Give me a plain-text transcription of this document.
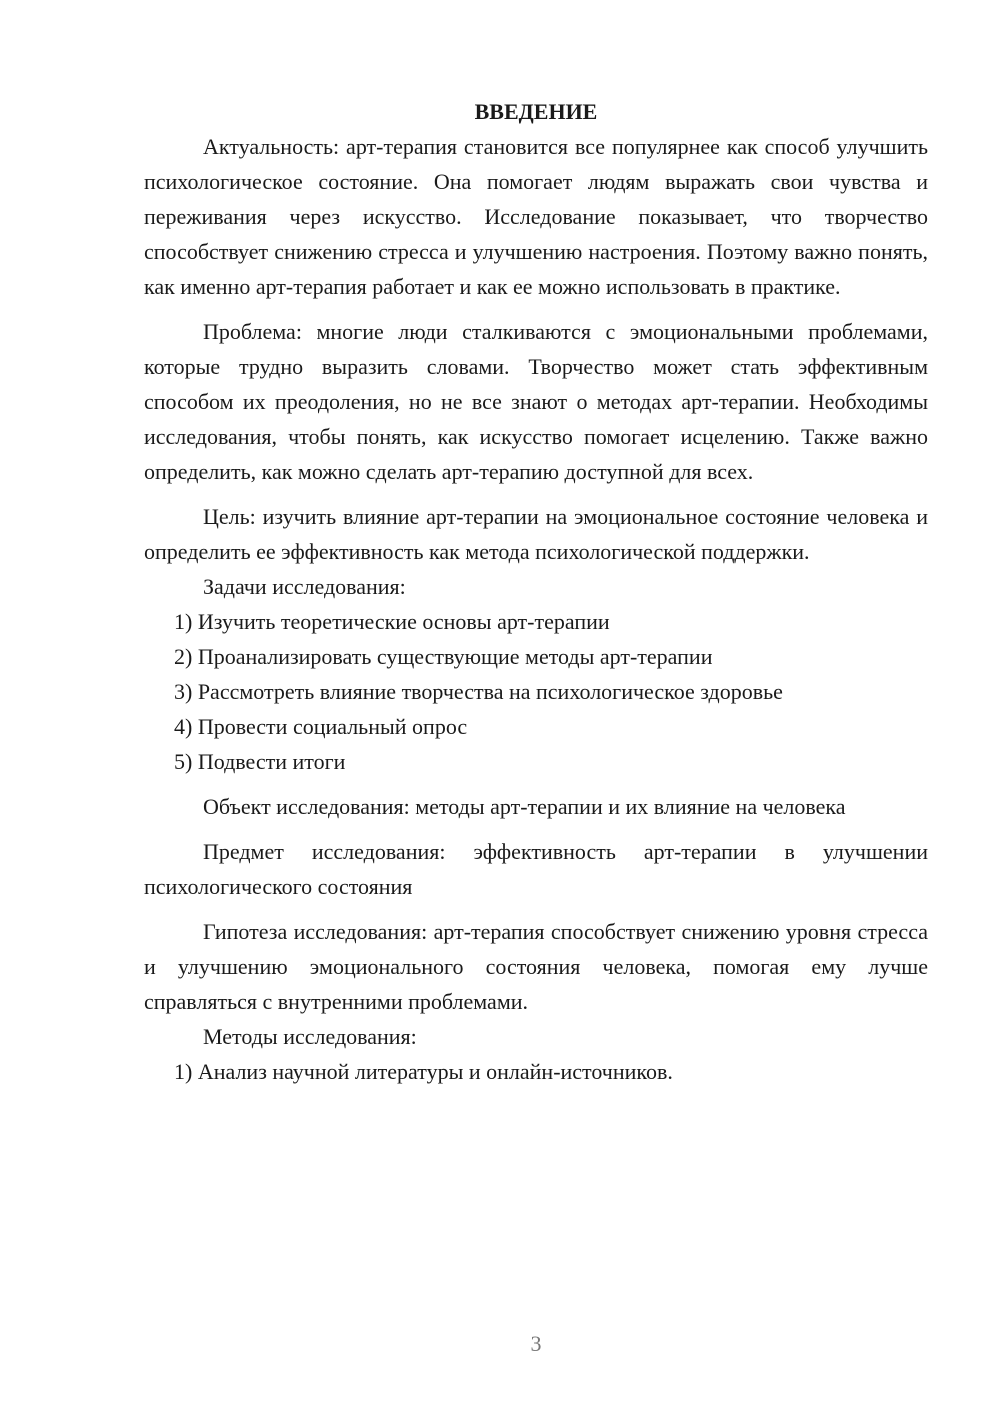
ВВЕДЕНИЕ

Актуальность: арт-терапия становится все популярнее как способ улучшить психологическое состояние. Она помогает людям выражать свои чувства и переживания через искусство. Исследование показывает, что творчество способствует снижению стресса и улучшению настроения. Поэтому важно понять, как именно арт-терапия работает и как ее можно использовать в практике.

Проблема: многие люди сталкиваются с эмоциональными проблемами, которые трудно выразить словами. Творчество может стать эффективным способом их преодоления, но не все знают о методах арт-терапии. Необходимы исследования, чтобы понять, как искусство помогает исцелению. Также важно определить, как можно сделать арт-терапию доступной для всех.

Цель: изучить влияние арт-терапии на эмоциональное состояние человека и определить ее эффективность как метода психологической поддержки.

Задачи исследования:

1) Изучить теоретические основы арт-терапии

2) Проанализировать существующие методы арт-терапии

3) Рассмотреть влияние творчества на психологическое здоровье

4) Провести социальный опрос

5) Подвести итоги

Объект исследования: методы арт-терапии и их влияние на человека

Предмет исследования: эффективность арт-терапии в улучшении психологического состояния

Гипотеза исследования: арт-терапия способствует снижению уровня стресса и улучшению эмоционального состояния человека, помогая ему лучше справляться с внутренними проблемами.

Методы исследования:

1) Анализ научной литературы и онлайн-источников.

3
